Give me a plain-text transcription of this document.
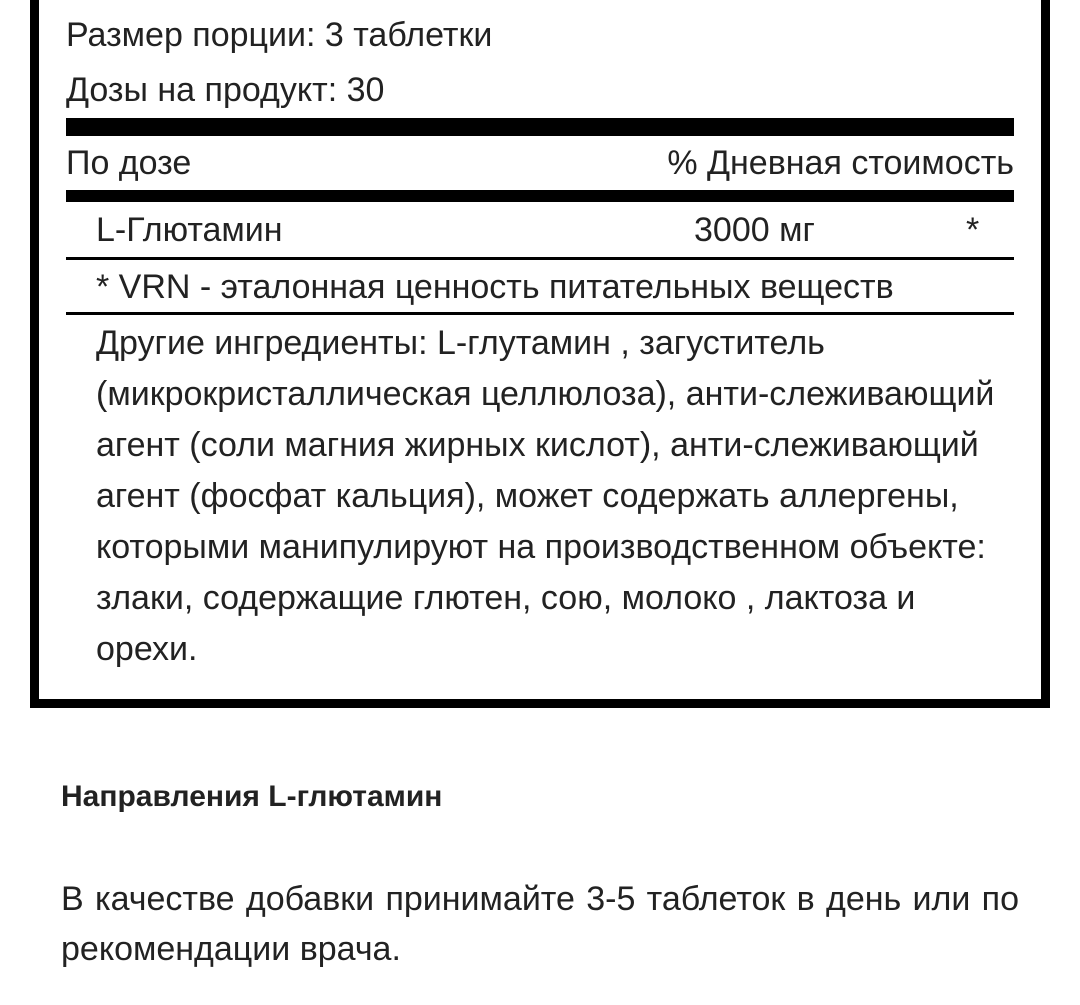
Размер порции: 3 таблетки
Дозы на продукт: 30
По дозе	% Дневная стоимость
L-Глютамин	3000 мг	*
* VRN - эталонная ценность питательных веществ
Другие ингредиенты: L-глутамин , загуститель (микрокристаллическая целлюлоза), анти-слеживающий агент (соли магния жирных кислот), анти-слеживающий агент (фосфат кальция), может содержать аллергены, которыми манипулируют на производственном объекте: злаки, содержащие глютен, сою, молоко , лактоза и орехи.
Направления L-глютамин
В качестве добавки принимайте 3-5 таблеток в день или по рекомендации врача.
